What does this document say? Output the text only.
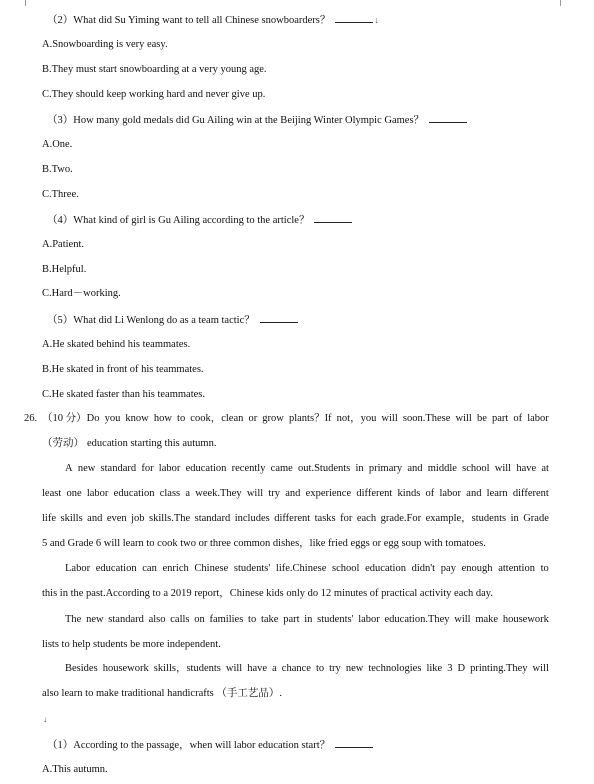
（2）What did Su Yiming want to tell all Chinese snowboarders？	↓
A.Snowboarding is very easy.
B.They must start snowboarding at a very young age.
C.They should keep working hard and never give up.
（3）How many gold medals did Gu Ailing win at the Beijing Winter Olympic Games？
A.One.
B.Two.
C.Three.
（4）What kind of girl is Gu Ailing according to the article？
A.Patient.
B.Helpful.
C.Hard－working.
（5）What did Li Wenlong do as a team tactic？
A.He skated behind his teammates.
B.He skated in front of his teammates.
C.He skated faster than his teammates.
26. （10 分）Do you know how to cook，clean or grow plants？If not，you will soon.These will be part of labor
（劳动） education starting this autumn.
A new standard for labor education recently came out.Students in primary and middle school will have at
least one labor education class a week.They will try and experience different kinds of labor and learn different
life skills and even job skills.The standard includes different tasks for each grade.For example，students in Grade
5 and Grade 6 will learn to cook two or three common dishes，like fried eggs or egg soup with tomatoes.
Labor education can enrich Chinese students' life.Chinese school education didn't pay enough attention to
this in the past.According to a 2019 report，Chinese kids only do 12 minutes of practical activity each day.
The new standard also calls on families to take part in students' labor education.They will make housework
lists to help students be more independent.
Besides housework skills，students will have a chance to try new technologies like 3 D printing.They will
also learn to make traditional handicrafts （手工艺品）.
↓
（1）According to the passage，when will labor education start？
A.This autumn.
